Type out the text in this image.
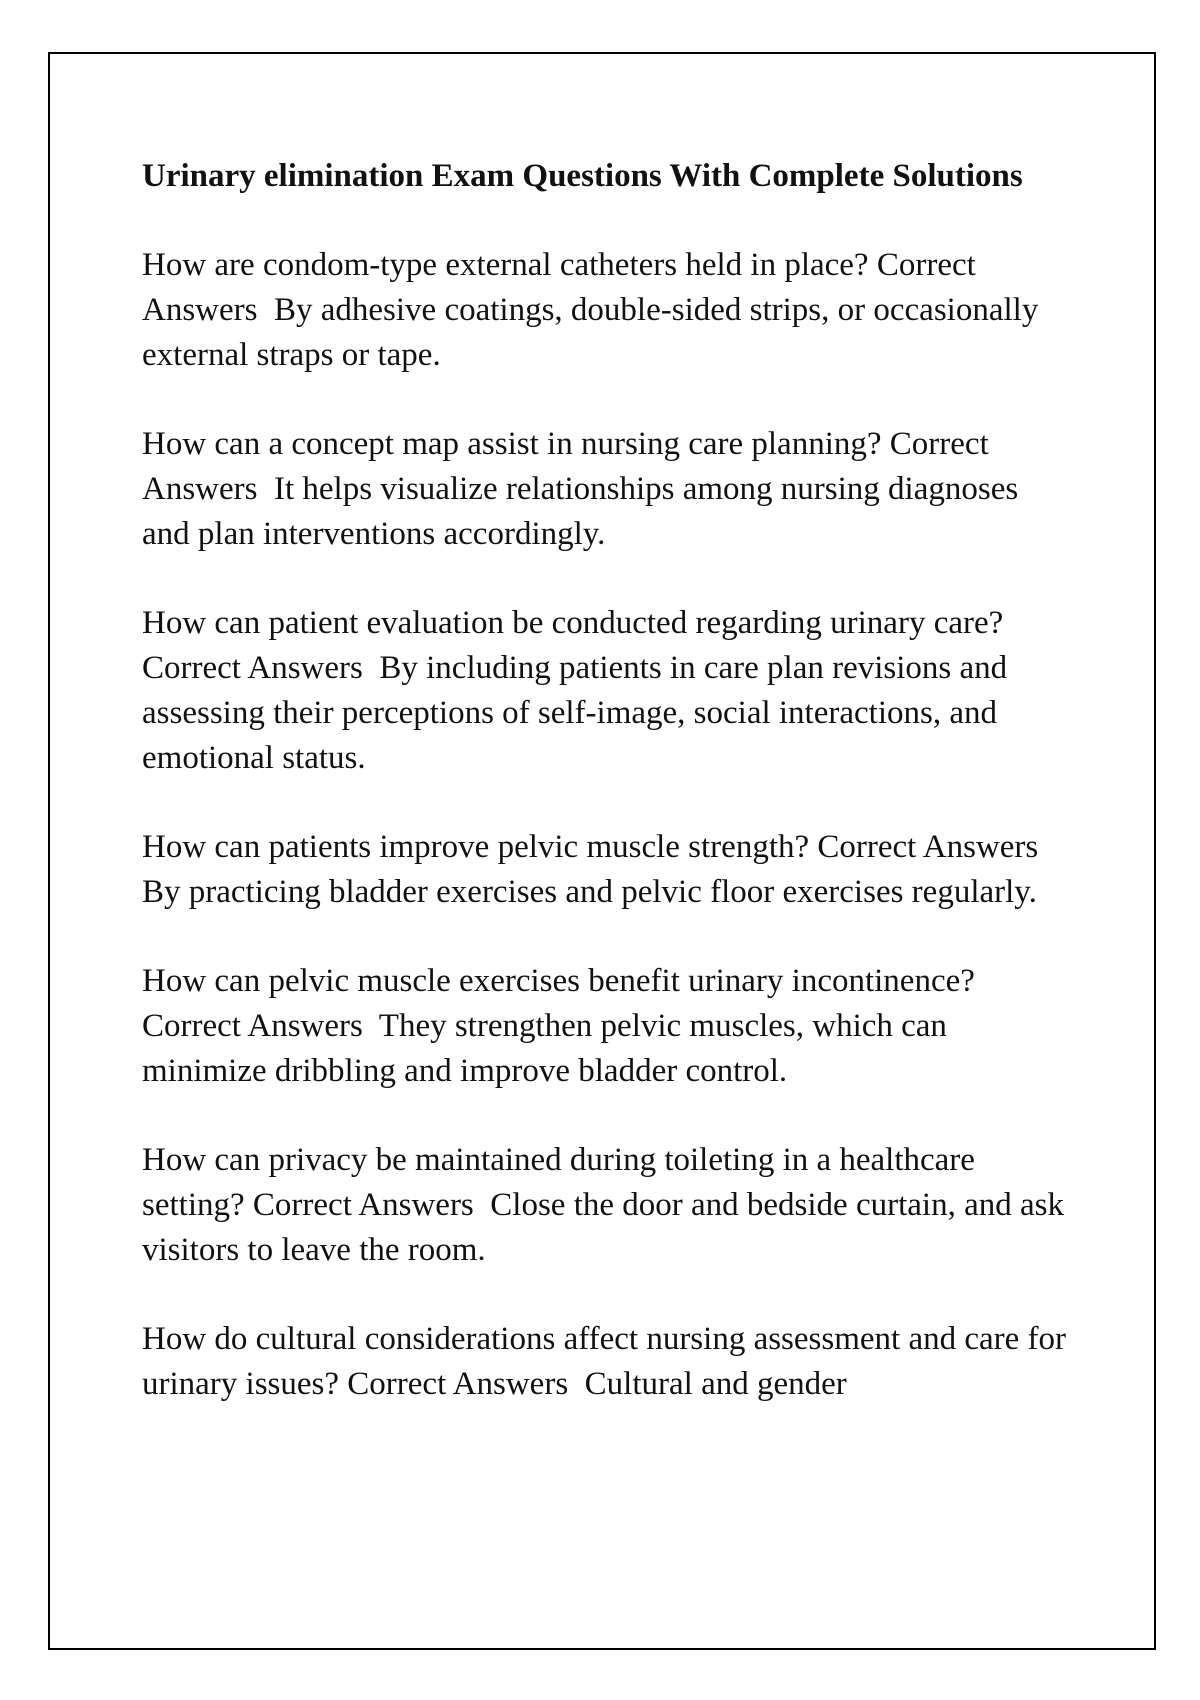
Urinary elimination Exam Questions With Complete Solutions
How are condom-type external catheters held in place? Correct Answers By adhesive coatings, double-sided strips, or occasionally external straps or tape.
How can a concept map assist in nursing care planning? Correct Answers It helps visualize relationships among nursing diagnoses and plan interventions accordingly.
How can patient evaluation be conducted regarding urinary care? Correct Answers By including patients in care plan revisions and assessing their perceptions of self-image, social interactions, and emotional status.
How can patients improve pelvic muscle strength? Correct Answers  By practicing bladder exercises and pelvic floor exercises regularly.
How can pelvic muscle exercises benefit urinary incontinence? Correct Answers They strengthen pelvic muscles, which can minimize dribbling and improve bladder control.
How can privacy be maintained during toileting in a healthcare setting? Correct Answers Close the door and bedside curtain, and ask visitors to leave the room.
How do cultural considerations affect nursing assessment and care for urinary issues? Correct Answers Cultural and gender
